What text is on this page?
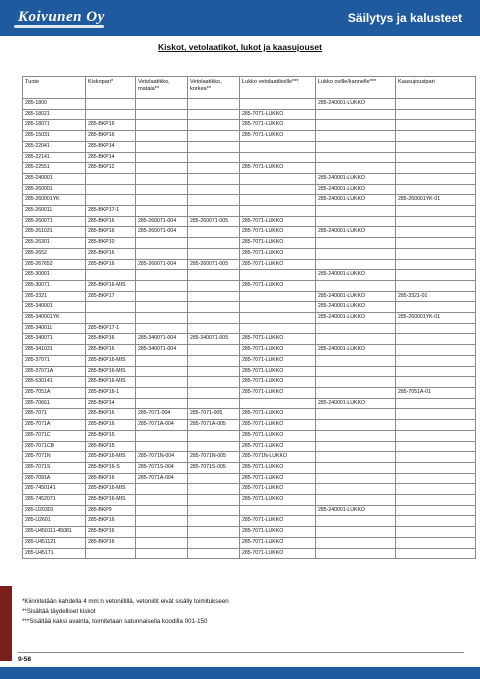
Koivunen Oy	Säilytys ja kalusteet
Kiskot, vetolaatikot, lukot ja kaasujouset
Tuote	Kiskopari*	Vetolaatikko, matala**	Vetolaatikko, korkea**	Lukko vetolaatikoille***	Lukko oville/kannelle***	Kaasujousipari
285-1800					285-240001-LUKKO	
285-18021				285-7071-LUKKO		
285-18071	285-BKP16			285-7071-LUKKO		
285-15031	285-BKP16			285-7071-LUKKO		
285-22041	285-BKP14					
285-22141	285-BKP14					
285-22551	285-BKP12			285-7071-LUKKO		
285-240001					285-240001-LUKKO	
285-260001					285-240001-LUKKO	
285-260001YK					285-240001-LUKKO	285-260001YK-01
285-260011	285-BKP17-1					
285-260071	285-BKP16	285-260071-004	285-260071-005	285-7071-LUKKO		
285-261031	285-BKP16	285-260071-004		285-7071-LUKKO	285-240001-LUKKO	
285-26301	285-BKP10			285-7071-LUKKO		
285-2652	285-BKP16			285-7071-LUKKO		
285-267652	285-BKP16	285-260071-004	285-260071-005	285-7071-LUKKO		
285-30001					285-240001-LUKKO	
285-30071	285-BKP16-MIS			285-7071-LUKKO		
285-3321	285-BKP17				285-240001-LUKKO	285-3321-01
285-340001					285-240001-LUKKO	
285-340001YK					285-240001-LUKKO	285-260001YK-01
285-340011	285-BKP17-1					
285-340071	285-BKP16	285-340071-004	285-340071-005	285-7071-LUKKO		
285-341031	285-BKP16	285-340071-004		285-7071-LUKKO	285-240001-LUKKO	
285-37071	285-BKP16-MIS			285-7071-LUKKO		
285-37071A	285-BKP16-MIS			285-7071-LUKKO		
285-530141	285-BKP16-MIS			285-7071-LUKKO		
285-7051A	285-BKP16-1			285-7071-LUKKO		285-7051A-01
285-70661	285-BKP14				285-240001-LUKKO	
285-7071	285-BKP16	285-7071-004	285-7071-005	285-7071-LUKKO		
285-7071A	285-BKP16	285-7071A-004	285-7071A-005	285-7071-LUKKO		
285-7071C	285-BKP15			285-7071-LUKKO		
285-7071CB	285-BKP15			285-7071-LUKKO		
285-7071N	285-BKP16-MIS	285-7071N-004	285-7071N-005	285-7071N-LUKKO		
285-7071S	285-BKP16-S	285-7071S-004	285-7071S-005	285-7071-LUKKO		
285-7091A	285-BKP16	285-7071A-004		285-7071-LUKKO		
285-7450141	285-BKP16-MIS			285-7071-LUKKO		
285-7452071	285-BKP16-MIS			285-7071-LUKKO		
285-U20301	285-BKP9				285-240001-LUKKO	
285-U2601	285-BKP16			285-7071-LUKKO		
285-U450111-45081	285-BKP16			285-7071-LUKKO		
285-U451121	285-BKP16			285-7071-LUKKO		
285-U45171				285-7071-LUKKO		
*Kiinnitetään kahdella 4 mm:n vetoniitillä, vetoniitit eivät sisälly toimitukseen
**Sisältää täydelliset kiskot
***Sisältää kaksi avainta, toimitetaan satunnaisella koodilla 001-150
9-58
